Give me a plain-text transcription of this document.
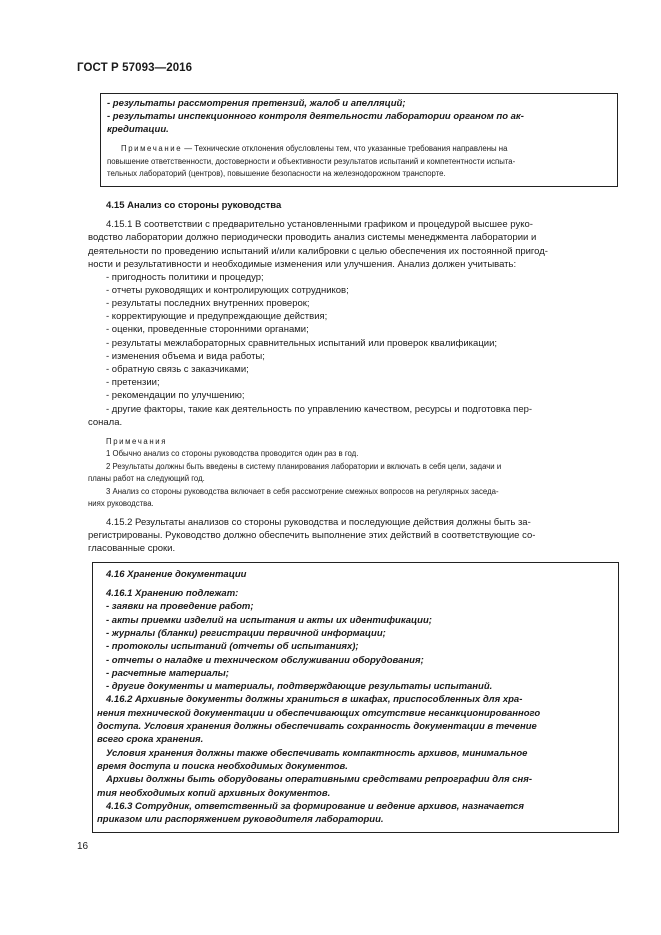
ГОСТ Р 57093—2016
- результаты рассмотрения претензий, жалоб и апелляций;
- результаты инспекционного контроля деятельности лаборатории органом по ак-
кредитации.
Примечание — Технические отклонения обусловлены тем, что указанные требования направлены на
повышение ответственности, достоверности и объективности результатов испытаний и компетентности испыта-
тельных лабораторий (центров), повышение безопасности на железнодорожном транспорте.
4.15 Анализ со стороны руководства
4.15.1 В соответствии с предварительно установленными графиком и процедурой высшее руко-
водство лаборатории должно периодически проводить анализ системы менеджмента лаборатории и
деятельности по проведению испытаний и/или калибровки с целью обеспечения их постоянной пригод-
ности и результативности и необходимые изменения или улучшения. Анализ должен учитывать:
- пригодность политики и процедур;
- отчеты руководящих и контролирующих сотрудников;
- результаты последних внутренних проверок;
- корректирующие и предупреждающие действия;
- оценки, проведенные сторонними органами;
- результаты межлабораторных сравнительных испытаний или проверок квалификации;
- изменения объема и вида работы;
- обратную связь с заказчиками;
- претензии;
- рекомендации по улучшению;
- другие факторы, такие как деятельность по управлению качеством, ресурсы и подготовка пер-
сонала.
Примечания
1 Обычно анализ со стороны руководства проводится один раз в год.
2 Результаты должны быть введены в систему планирования лаборатории и включать в себя цели, задачи и
планы работ на следующий год.
3 Анализ со стороны руководства включает в себя рассмотрение смежных вопросов на регулярных заседа-
ниях руководства.
4.15.2 Результаты анализов со стороны руководства и последующие действия должны быть за-
регистрированы. Руководство должно обеспечить выполнение этих действий в соответствующие со-
гласованные сроки.
4.16 Хранение документации
4.16.1 Хранению подлежат:
- заявки на проведение работ;
- акты приемки изделий на испытания и акты их идентификации;
- журналы (бланки) регистрации первичной информации;
- протоколы испытаний (отчеты об испытаниях);
- отчеты о наладке и техническом обслуживании оборудования;
- расчетные материалы;
- другие документы и материалы, подтверждающие результаты испытаний.
4.16.2 Архивные документы должны храниться в шкафах, приспособленных для хра-
нения технической документации и обеспечивающих отсутствие несанкционированного
доступа. Условия хранения должны обеспечивать сохранность документации в течение
всего срока хранения.
Условия хранения должны также обеспечивать компактность архивов, минимальное
время доступа и поиска необходимых документов.
Архивы должны быть оборудованы оперативными средствами репрографии для сня-
тия необходимых копий архивных документов.
4.16.3 Сотрудник, ответственный за формирование и ведение архивов, назначается
приказом или распоряжением руководителя лаборатории.
16
